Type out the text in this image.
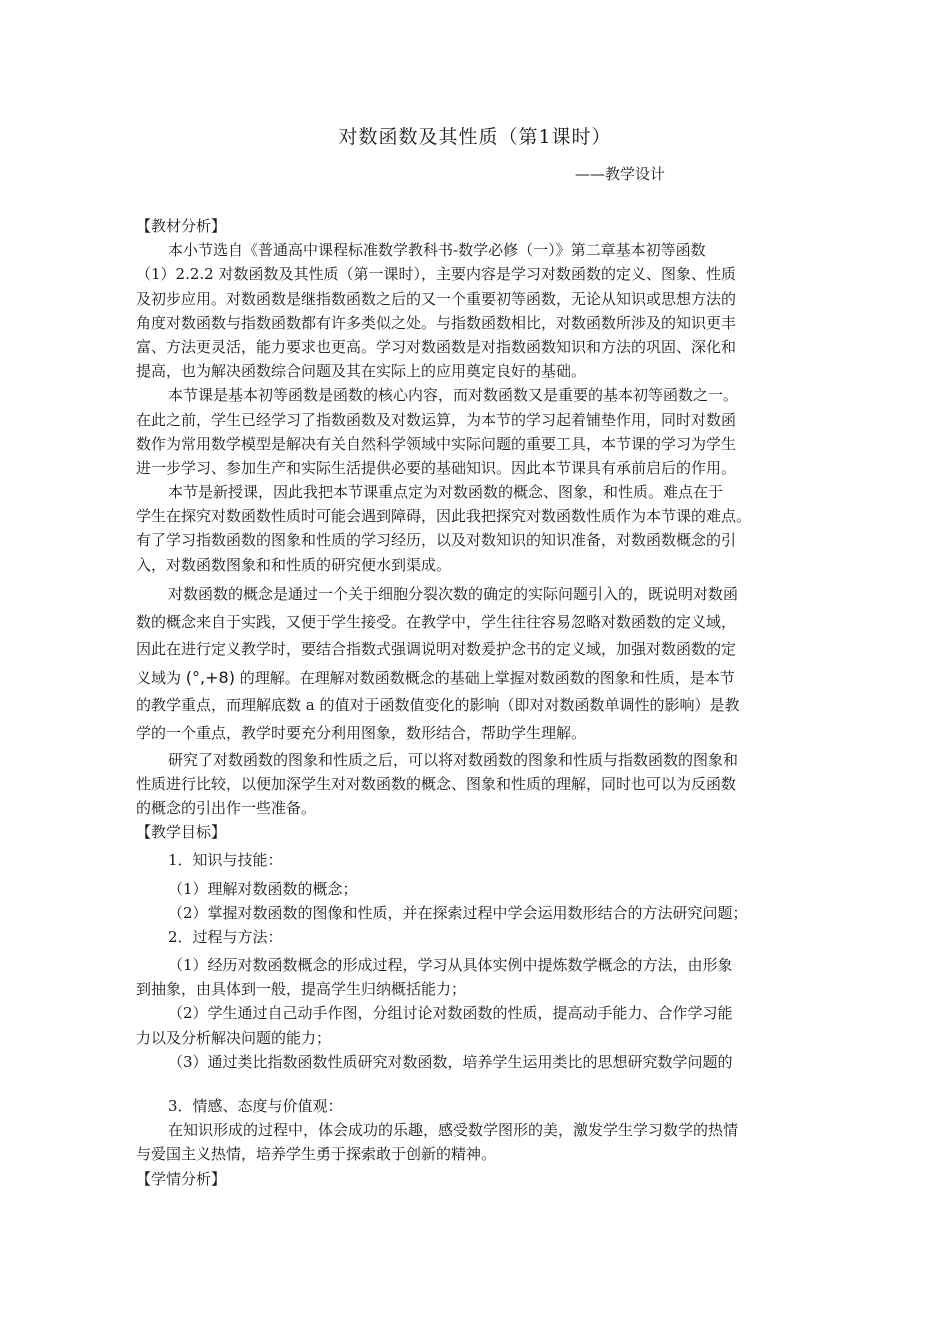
对数函数及其性质（第1课时）
——教学设计
【教材分析】
本小节选自《普通高中课程标准数学教科书-数学必修（一）》第二章基本初等函数
（1）2.2.2 对数函数及其性质（第一课时），主要内容是学习对数函数的定义、图象、性质
及初步应用。对数函数是继指数函数之后的又一个重要初等函数，无论从知识或思想方法的
角度对数函数与指数函数都有许多类似之处。与指数函数相比，对数函数所涉及的知识更丰
富、方法更灵活，能力要求也更高。学习对数函数是对指数函数知识和方法的巩固、深化和
提高，也为解决函数综合问题及其在实际上的应用奠定良好的基础。
本节课是基本初等函数是函数的核心内容，而对数函数又是重要的基本初等函数之一。
在此之前，学生已经学习了指数函数及对数运算，为本节的学习起着铺垫作用，同时对数函
数作为常用数学模型是解决有关自然科学领域中实际问题的重要工具，本节课的学习为学生
进一步学习、参加生产和实际生活提供必要的基础知识。因此本节课具有承前启后的作用。
本节是新授课，因此我把本节课重点定为对数函数的概念、图象，和性质。难点在于
学生在探究对数函数性质时可能会遇到障碍，因此我把探究对数函数性质作为本节课的难点。
有了学习指数函数的图象和性质的学习经历，以及对数知识的知识准备，对数函数概念的引
入，对数函数图象和和性质的研究便水到渠成。
对数函数的概念是通过一个关于细胞分裂次数的确定的实际问题引入的，既说明对数函
数的概念来自于实践，又便于学生接受。在教学中，学生往往容易忽略对数函数的定义域，
因此在进行定义教学时，要结合指数式强调说明对数爰护念书的定义域，加强对数函数的定
义域为 (°,+8) 的理解。在理解对数函数概念的基础上掌握对数函数的图象和性质，是本节
的教学重点，而理解底数 a 的值对于函数值变化的影响（即对对数函数单调性的影响）是教
学的一个重点，教学时要充分利用图象，数形结合，帮助学生理解。
研究了对数函数的图象和性质之后，可以将对数函数的图象和性质与指数函数的图象和
性质进行比较，以便加深学生对对数函数的概念、图象和性质的理解，同时也可以为反函数
的概念的引出作一些准备。
【教学目标】
1．知识与技能：
（1）理解对数函数的概念；
（2）掌握对数函数的图像和性质，并在探索过程中学会运用数形结合的方法研究问题；
2．过程与方法：
（1）经历对数函数概念的形成过程，学习从具体实例中提炼数学概念的方法，由形象
到抽象，由具体到一般，提高学生归纳概括能力；
（2）学生通过自己动手作图，分组讨论对数函数的性质，提高动手能力、合作学习能
力以及分析解决问题的能力；
（3）通过类比指数函数性质研究对数函数，培养学生运用类比的思想研究数学问题的
3．情感、态度与价值观：
在知识形成的过程中，体会成功的乐趣，感受数学图形的美，激发学生学习数学的热情
与爱国主义热情，培养学生勇于探索敢于创新的精神。
【学情分析】
